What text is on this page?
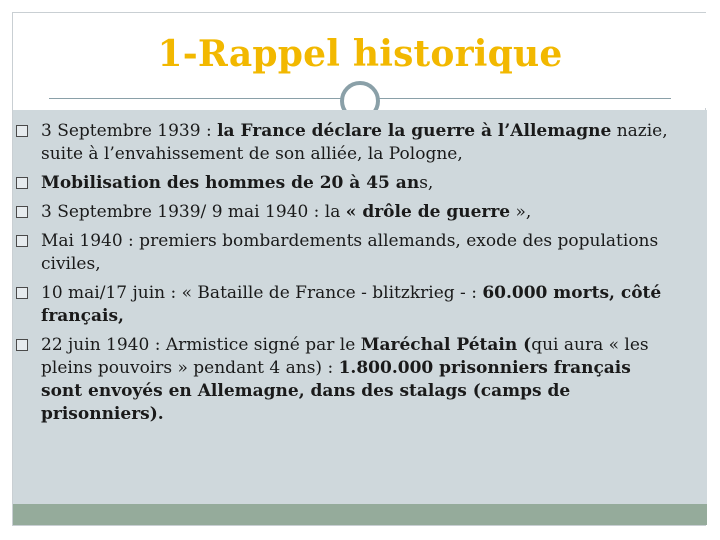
1-Rappel historique
3 Septembre 1939 : la France déclare la guerre à l’Allemagne nazie, suite à l’envahissement de son alliée, la Pologne,
Mobilisation des hommes de 20 à 45 ans,
3 Septembre 1939/ 9 mai 1940 : la « drôle de guerre »,
Mai 1940 : premiers bombardements allemands, exode des populations civiles,
10 mai/17 juin : « Bataille de France - blitzkrieg - : 60.000 morts, côté français,
22 juin 1940 : Armistice signé par le Maréchal Pétain (qui aura « les pleins pouvoirs » pendant 4 ans) : 1.800.000 prisonniers français sont envoyés en Allemagne, dans des stalags (camps de prisonniers).
